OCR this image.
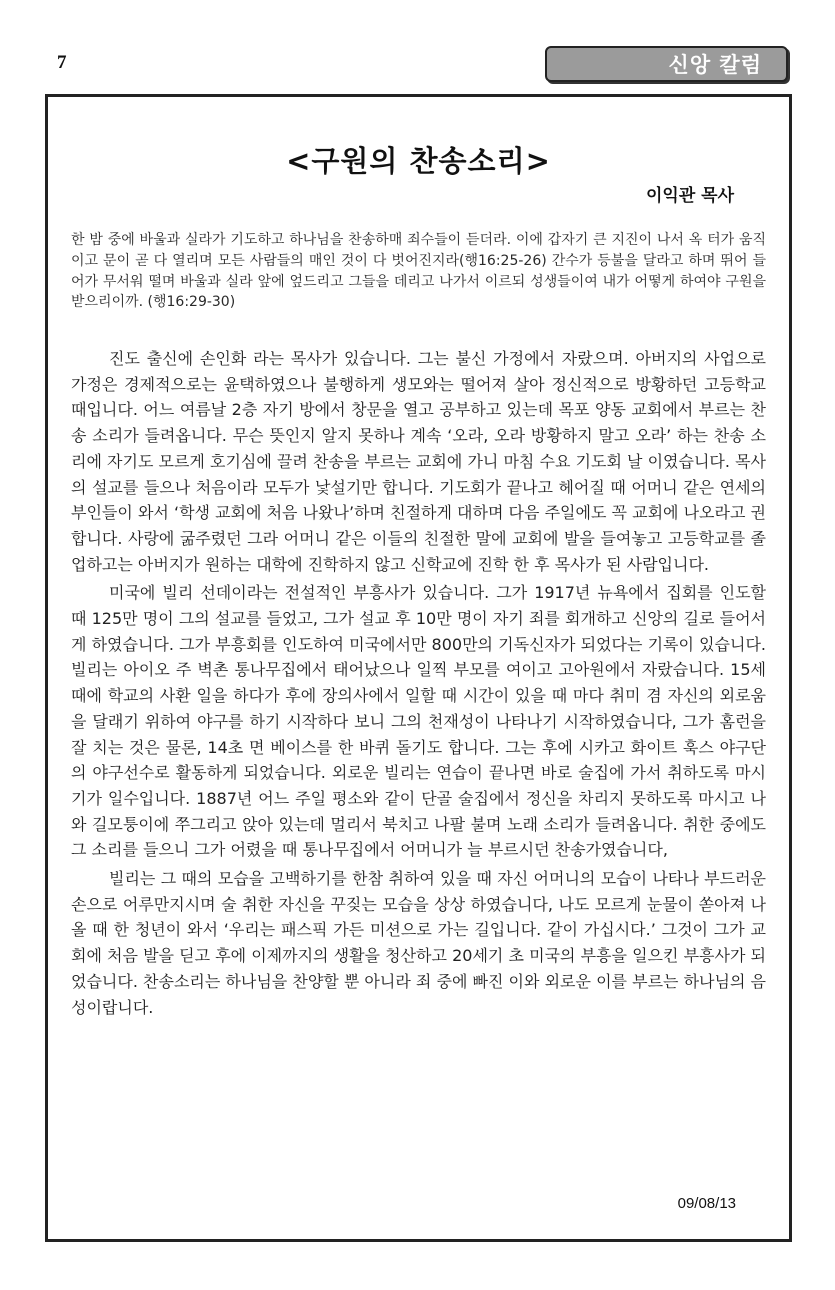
7	신앙 칼럼
<구원의 찬송소리>
이익관 목사

한 밤 중에 바울과 실라가 기도하고 하나님을 찬송하매 죄수들이 듣더라. 이에 갑자기 큰 지진이 나서 옥 터가 움직이고 문이 곧 다 열리며 모든 사람들의 매인 것이 다 벗어진지라(행16:25-26) 간수가 등불을 달라고 하며 뛰어 들어가 무서워 떨며 바울과 실라 앞에 엎드리고 그들을 데리고 나가서 이르되 성생들이여 내가 어떻게 하여야 구원을 받으리이까. (행16:29-30)

진도 출신에 손인화 라는 목사가 있습니다. 그는 불신 가정에서 자랐으며. 아버지의 사업으로 가정은 경제적으로는 윤택하였으나 불행하게 생모와는 떨어져 살아 정신적으로 방황하던 고등학교 때입니다. 어느 여름날 2층 자기 방에서 창문을 열고 공부하고 있는데 목포 양동 교회에서 부르는 찬송 소리가 들려옵니다. 무슨 뜻인지 알지 못하나 계속 ‘오라, 오라 방황하지 말고 오라’ 하는 찬송 소리에 자기도 모르게 호기심에 끌려 찬송을 부르는 교회에 가니 마침 수요 기도회 날 이였습니다. 목사의 설교를 들으나 처음이라 모두가 낯설기만 합니다. 기도회가 끝나고 헤어질 때 어머니 같은 연세의 부인들이 와서 ‘학생 교회에 처음 나왔나’하며 친절하게 대하며 다음 주일에도 꼭 교회에 나오라고 권합니다. 사랑에 굶주렸던 그라 어머니 같은 이들의 친절한 말에 교회에 발을 들여놓고 고등학교를 졸업하고는 아버지가 원하는 대학에 진학하지 않고 신학교에 진학 한 후 목사가 된 사람입니다.

미국에 빌리 선데이라는 전설적인 부흥사가 있습니다. 그가 1917년 뉴욕에서 집회를 인도할 때 125만 명이 그의 설교를 들었고, 그가 설교 후 10만 명이 자기 죄를 회개하고 신앙의 길로 들어서게 하였습니다. 그가 부흥회를 인도하여 미국에서만 800만의 기독신자가 되었다는 기록이 있습니다. 빌리는 아이오 주 벽촌 통나무집에서 태어났으나 일찍 부모를 여이고 고아원에서 자랐습니다. 15세 때에 학교의 사환 일을 하다가 후에 장의사에서 일할 때 시간이 있을 때 마다 취미 겸 자신의 외로움을 달래기 위하여 야구를 하기 시작하다 보니 그의 천재성이 나타나기 시작하였습니다, 그가 홈런을 잘 치는 것은 물론, 14초 면 베이스를 한 바퀴 돌기도 합니다. 그는 후에 시카고 화이트 훅스 야구단의 야구선수로 활동하게 되었습니다. 외로운 빌리는 연습이 끝나면 바로 술집에 가서 취하도록 마시기가 일수입니다. 1887년 어느 주일 평소와 같이 단골 술집에서 정신을 차리지 못하도록 마시고 나와 길모퉁이에 쭈그리고 앉아 있는데 멀리서 북치고 나팔 불며 노래 소리가 들려옵니다. 취한 중에도 그 소리를 들으니 그가 어렸을 때 통나무집에서 어머니가 늘 부르시던 찬송가였습니다,

빌리는 그 때의 모습을 고백하기를 한참 취하여 있을 때 자신 어머니의 모습이 나타나 부드러운 손으로 어루만지시며 술 취한 자신을 꾸짖는 모습을 상상 하였습니다, 나도 모르게 눈물이 쏟아져 나올 때 한 청년이 와서 ‘우리는 패스픽 가든 미션으로 가는 길입니다. 같이 가십시다.’ 그것이 그가 교회에 처음 발을 딛고 후에 이제까지의 생활을 청산하고 20세기 초 미국의 부흥을 일으킨 부흥사가 되었습니다. 찬송소리는 하나님을 찬양할 뿐 아니라 죄 중에 빠진 이와 외로운 이를 부르는 하나님의 음성이랍니다.

09/08/13
